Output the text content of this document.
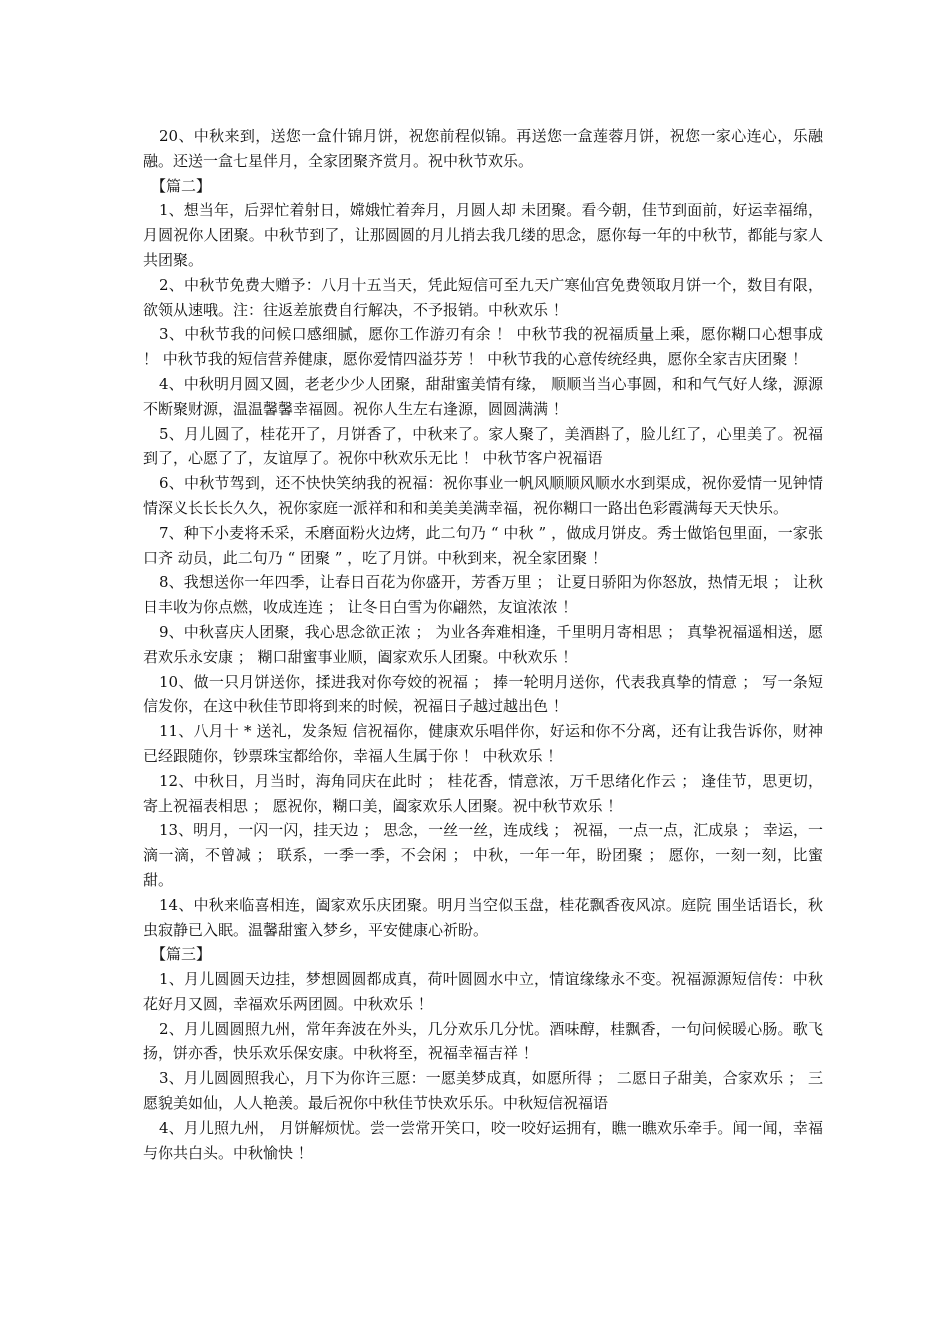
20、中秋来到，送您一盒什锦月饼，祝您前程似锦。再送您一盒莲蓉月饼，祝您一家心连心，乐融融。还送一盒七星伴月，全家团聚齐赏月。祝中秋节欢乐。

【篇二】

1、想当年，后羿忙着射日，嫦娥忙着奔月，月圆人却 未团聚。看今朝，佳节到面前，好运幸福绵，月圆祝你人团聚。中秋节到了，让那圆圆的月儿捎去我几缕的思念，愿你每一年的中秋节，都能与家人共团聚。

2、中秋节免费大赠予：八月十五当天，凭此短信可至九天广寒仙宫免费领取月饼一个，数目有限，欲领从速哦。注：往返差旅费自行解决，不予报销。中秋欢乐 ！

3、中秋节我的问候口感细腻，愿你工作游刃有余 ！ 中秋节我的祝福质量上乘，愿你糊口心想事成 ！ 中秋节我的短信营养健康，愿你爱情四溢芬芳 ！ 中秋节我的心意传统经典，愿你全家吉庆团聚 ！

4、中秋明月圆又圆，老老少少人团聚，甜甜蜜美情有缘， 顺顺当当心事圆，和和气气好人缘，源源不断聚财源，温温馨馨幸福圆。祝你人生左右逢源，圆圆满满 ！

5、月儿圆了，桂花开了，月饼香了，中秋来了。家人聚了，美酒斟了，脸儿红了，心里美了。祝福到了，心愿了了，友谊厚了。祝你中秋欢乐无比 ！ 中秋节客户祝福语

6、中秋节驾到，还不快快笑纳我的祝福：祝你事业一帆风顺顺风顺水水到渠成，祝你爱情一见钟情情深义长长长久久，祝你家庭一派祥和和和美美美满幸福，祝你糊口一路出色彩霞满每天天快乐。

7、种下小麦将禾采，禾磨面粉火边烤，此二句乃 “ 中秋 ” ，做成月饼皮。秀士做馅包里面，一家张口齐 动员，此二句乃 “ 团聚 ” ，吃了月饼。中秋到来，祝全家团聚 ！

8、我想送你一年四季，让春日百花为你盛开，芳香万里 ； 让夏日骄阳为你怒放，热情无垠 ； 让秋日丰收为你点燃，收成连连 ； 让冬日白雪为你翩然，友谊浓浓 ！

9、中秋喜庆人团聚，我心思念欲正浓 ； 为业各奔难相逢，千里明月寄相思 ； 真挚祝福遥相送，愿君欢乐永安康 ； 糊口甜蜜事业顺，阖家欢乐人团聚。中秋欢乐 ！

10、做一只月饼送你，揉进我对你夸姣的祝福 ； 捧一轮明月送你，代表我真挚的情意 ； 写一条短信发你，在这中秋佳节即将到来的时候，祝福日子越过越出色 ！

11、八月十 * 送礼，发条短 信祝福你，健康欢乐唱伴你，好运和你不分离，还有让我告诉你，财神已经跟随你，钞票珠宝都给你，幸福人生属于你 ！ 中秋欢乐 ！

12、中秋日，月当时，海角同庆在此时 ； 桂花香，情意浓，万千思绪化作云 ； 逢佳节，思更切，寄上祝福表相思 ； 愿祝你，糊口美，阖家欢乐人团聚。祝中秋节欢乐 ！

13、明月，一闪一闪，挂天边 ； 思念，一丝一丝，连成线 ； 祝福，一点一点，汇成泉 ； 幸运，一滴一滴，不曾减 ； 联系，一季一季，不会闲 ； 中秋，一年一年，盼团聚 ； 愿你，一刻一刻，比蜜甜。

14、中秋来临喜相连，阖家欢乐庆团聚。明月当空似玉盘，桂花飘香夜风凉。庭院 围坐话语长，秋虫寂静已入眠。温馨甜蜜入梦乡，平安健康心祈盼。

【篇三】

1、月儿圆圆天边挂，梦想圆圆都成真，荷叶圆圆水中立，情谊缘缘永不变。祝福源源短信传：中秋花好月又圆，幸福欢乐两团圆。中秋欢乐 ！

2、月儿圆圆照九州，常年奔波在外头，几分欢乐几分忧。酒味醇，桂飘香，一句问候暖心肠。歌飞扬，饼亦香，快乐欢乐保安康。中秋将至，祝福幸福吉祥 ！

3、月儿圆圆照我心，月下为你许三愿：一愿美梦成真，如愿所得 ； 二愿日子甜美，合家欢乐 ； 三愿貌美如仙，人人艳羡。最后祝你中秋佳节快欢乐乐。中秋短信祝福语

4、月儿照九州， 月饼解烦忧。尝一尝常开笑口，咬一咬好运拥有，瞧一瞧欢乐牵手。闻一闻，幸福与你共白头。中秋愉快 ！
